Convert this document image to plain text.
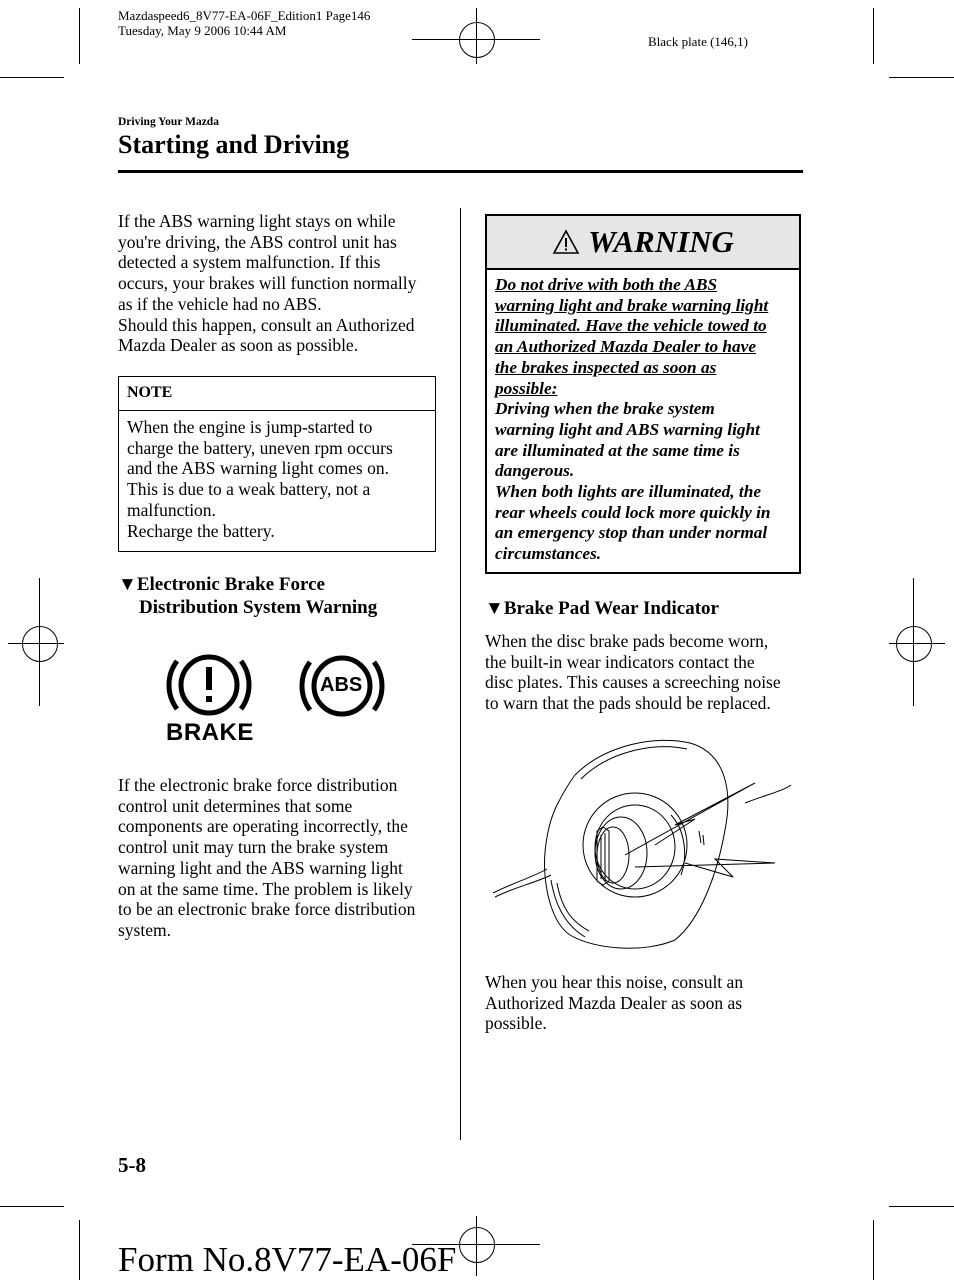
Mazdaspeed6_8V77-EA-06F_Edition1 Page146
Tuesday, May 9 2006 10:44 AM
Black plate (146,1)
Driving Your Mazda
Starting and Driving
If the ABS warning light stays on while
you're driving, the ABS control unit has
detected a system malfunction. If this
occurs, your brakes will function normally
as if the vehicle had no ABS.
Should this happen, consult an Authorized
Mazda Dealer as soon as possible.
NOTE
When the engine is jump-started to
charge the battery, uneven rpm occurs
and the ABS warning light comes on.
This is due to a weak battery, not a
malfunction.
Recharge the battery.
▼Electronic Brake Force
Distribution System Warning
BRAKE
ABS
If the electronic brake force distribution
control unit determines that some
components are operating incorrectly, the
control unit may turn the brake system
warning light and the ABS warning light
on at the same time. The problem is likely
to be an electronic brake force distribution
system.
WARNING
Do not drive with both the ABS
warning light and brake warning light
illuminated. Have the vehicle towed to
an Authorized Mazda Dealer to have
the brakes inspected as soon as
possible:
Driving when the brake system
warning light and ABS warning light
are illuminated at the same time is
dangerous.
When both lights are illuminated, the
rear wheels could lock more quickly in
an emergency stop than under normal
circumstances.
▼Brake Pad Wear Indicator
When the disc brake pads become worn,
the built-in wear indicators contact the
disc plates. This causes a screeching noise
to warn that the pads should be replaced.
When you hear this noise, consult an
Authorized Mazda Dealer as soon as
possible.
5-8
Form No.8V77-EA-06F
